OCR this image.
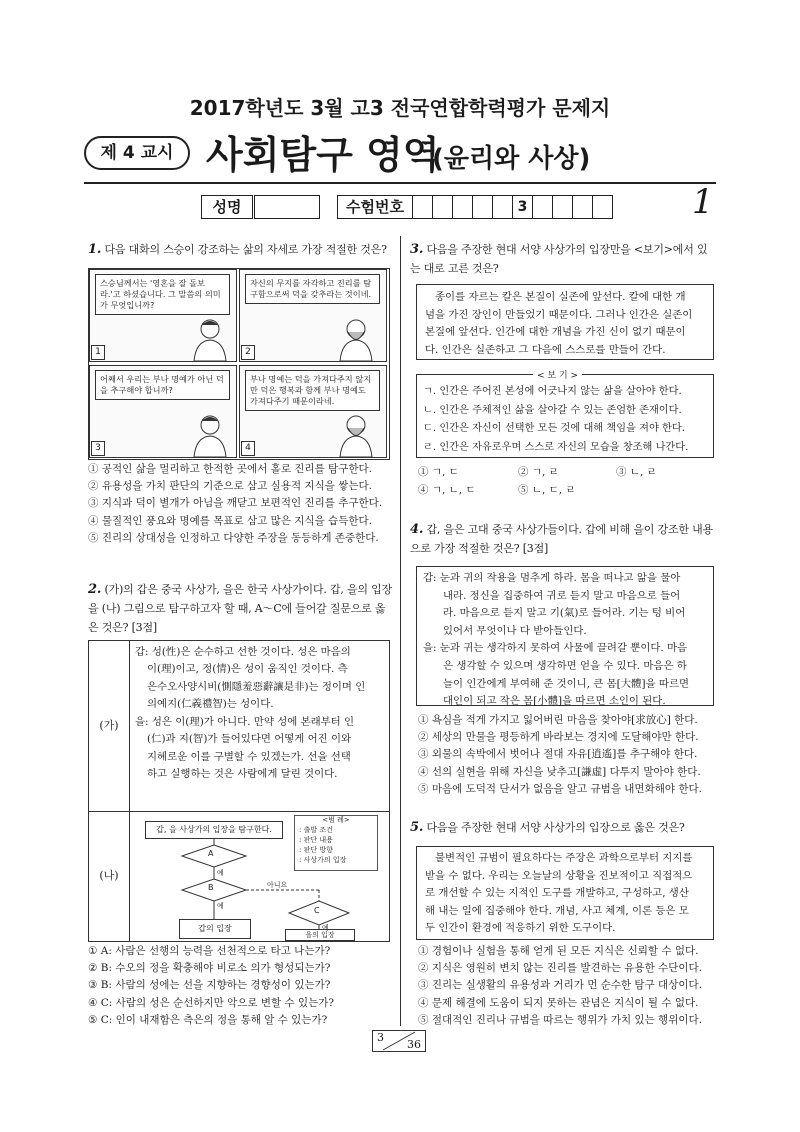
2017학년도 3월 고3 전국연합학력평가 문제지
제 4 교시 사회탐구 영역
(윤리와 사상)
성명	수험번호	3	1
1. 다음 대화의 스승이 강조하는 삶의 자세로 가장 적절한 것은?
스승님께서는 '영혼을 잘 돌보라.'고 하셨습니다. 그 말씀의 의미가 무엇입니까?
1
자신의 무지를 자각하고 진리를 탐구함으로써 덕을 갖추라는 것이네.
2
어째서 우리는 부나 명예가 아닌 덕을 추구해야 합니까?
3
부나 명예는 덕을 가져다주지 않지만 덕은 행복과 함께 부나 명예도 가져다주기 때문이라네.
4
① 공적인 삶을 멀리하고 한적한 곳에서 홀로 진리를 탐구한다.
② 유용성을 가치 판단의 기준으로 삼고 실용적 지식을 쌓는다.
③ 지식과 덕이 별개가 아님을 깨닫고 보편적인 진리를 추구한다.
④ 물질적인 풍요와 명예를 목표로 삼고 많은 지식을 습득한다.
⑤ 진리의 상대성을 인정하고 다양한 주장을 동등하게 존중한다.
2. (가)의 갑은 중국 사상가, 을은 한국 사상가이다. 갑, 을의 입장을 (나) 그림으로 탐구하고자 할 때, A～C에 들어갈 질문으로 옳은 것은? [3점]
(가)
갑: 성(性)은 순수하고 선한 것이다. 성은 마음의
이(理)이고, 정(情)은 성이 움직인 것이다. 측
은수오사양시비(惻隱羞惡辭讓是非)는 정이며 인
의예지(仁義禮智)는 성이다.
을: 성은 이(理)가 아니다. 만약 성에 본래부터 인
(仁)과 지(智)가 들어있다면 어떻게 어진 이와
지혜로운 이를 구별할 수 있겠는가. 선을 선택
하고 실행하는 것은 사람에게 달린 것이다.
(나)
갑, 을 사상가의 입장을 탐구한다.
<범 례>
: 출발 조건
: 판단 내용
: 판단 방향
: 사상가의 입장
A
B
C
예
예
예
아니요
갑의 입장
을의 입장
① A: 사람은 선행의 능력을 선천적으로 타고 나는가?
② B: 수오의 정을 확충해야 비로소 의가 형성되는가?
③ B: 사람의 성에는 선을 지향하는 경향성이 있는가?
④ C: 사람의 성은 순선하지만 악으로 변할 수 있는가?
⑤ C: 인이 내재함은 측은의 정을 통해 알 수 있는가?
3. 다음을 주장한 현대 서양 사상가의 입장만을 <보기>에서 있는 대로 고른 것은?
종이를 자르는 칼은 본질이 실존에 앞선다. 칼에 대한 개
념을 가진 장인이 만들었기 때문이다. 그러나 인간은 실존이
본질에 앞선다. 인간에 대한 개념을 가진 신이 없기 때문이
다. 인간은 실존하고 그 다음에 스스로를 만들어 간다.
< 보 기 >
ㄱ. 인간은 주어진 본성에 어긋나지 않는 삶을 살아야 한다.
ㄴ. 인간은 주체적인 삶을 살아갈 수 있는 존엄한 존재이다.
ㄷ. 인간은 자신이 선택한 모든 것에 대해 책임을 져야 한다.
ㄹ. 인간은 자유로우며 스스로 자신의 모습을 창조해 나간다.
① ㄱ, ㄷ	② ㄱ, ㄹ	③ ㄴ, ㄹ
④ ㄱ, ㄴ, ㄷ	⑤ ㄴ, ㄷ, ㄹ
4. 갑, 을은 고대 중국 사상가들이다. 갑에 비해 을이 강조한 내용으로 가장 적절한 것은? [3점]
갑: 눈과 귀의 작용을 멈추게 하라. 몸을 떠나고 앎을 물아
내라. 정신을 집중하여 귀로 듣지 말고 마음으로 들어
라. 마음으로 듣지 말고 기(氣)로 들어라. 기는 텅 비어
있어서 무엇이나 다 받아들인다.
을: 눈과 귀는 생각하지 못하여 사물에 끌려갈 뿐이다. 마음
은 생각할 수 있으며 생각하면 얻을 수 있다. 마음은 하
늘이 인간에게 부여해 준 것이니, 큰 몸[大體]을 따르면
대인이 되고 작은 몸[小體]을 따르면 소인이 된다.
① 욕심을 적게 가지고 잃어버린 마음을 찾아야[求放心] 한다.
② 세상의 만물을 평등하게 바라보는 경지에 도달해야만 한다.
③ 외물의 속박에서 벗어나 절대 자유[逍遙]를 추구해야 한다.
④ 선의 실현을 위해 자신을 낮추고[謙虛] 다투지 말아야 한다.
⑤ 마음에 도덕적 단서가 없음을 알고 규범을 내면화해야 한다.
5. 다음을 주장한 현대 서양 사상가의 입장으로 옳은 것은?
불변적인 규범이 필요하다는 주장은 과학으로부터 지지를
받을 수 없다. 우리는 오늘날의 상황을 진보적이고 직접적으
로 개선할 수 있는 지적인 도구를 개발하고, 구성하고, 생산
해 내는 일에 집중해야 한다. 개념, 사고 체계, 이론 등은 모
두 인간이 환경에 적응하기 위한 도구이다.
① 경험이나 실험을 통해 얻게 된 모든 지식은 신뢰할 수 없다.
② 지식은 영원히 변치 않는 진리를 발견하는 유용한 수단이다.
③ 진리는 실생활의 유용성과 거리가 먼 순수한 탐구 대상이다.
④ 문제 해결에 도움이 되지 못하는 관념은 지식이 될 수 없다.
⑤ 절대적인 진리나 규범을 따르는 행위가 가치 있는 행위이다.
3
36
